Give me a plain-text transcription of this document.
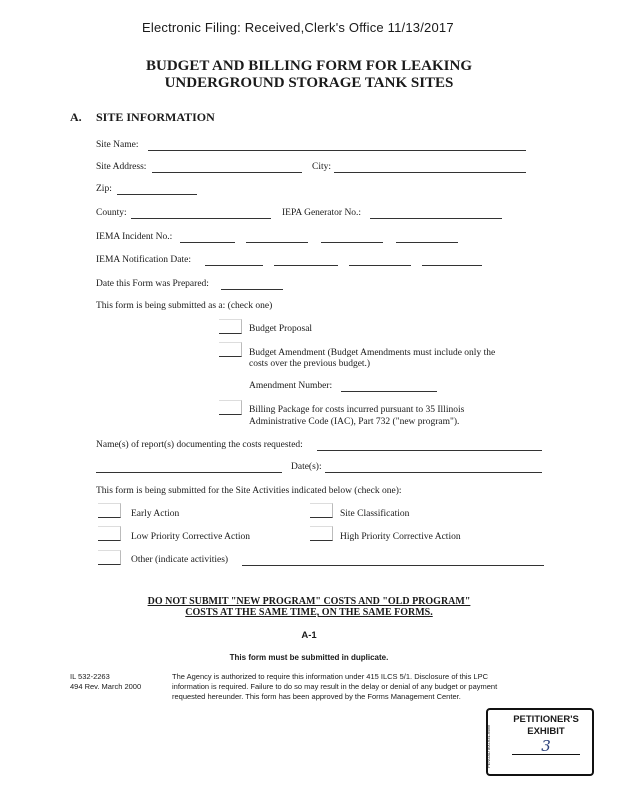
Electronic Filing: Received,Clerk's Office 11/13/2017
BUDGET AND BILLING FORM FOR LEAKING
UNDERGROUND STORAGE TANK SITES
A. SITE INFORMATION
Site Name:
Site Address:	City:
Zip:
County:	IEPA Generator No.:
IEMA Incident No.:
IEMA Notification Date:
Date this Form was Prepared:
This form is being submitted as a: (check one)
Budget Proposal
Budget Amendment (Budget Amendments must include only the
costs over the previous budget.)
Amendment Number:
Billing Package for costs incurred pursuant to 35 Illinois
Administrative Code (IAC), Part 732 ("new program").
Name(s) of report(s) documenting the costs requested:
Date(s):
This form is being submitted for the Site Activities indicated below (check one):
Early Action	Site Classification
Low Priority Corrective Action	High Priority Corrective Action
Other (indicate activities)
DO NOT SUBMIT "NEW PROGRAM" COSTS AND "OLD PROGRAM"
COSTS AT THE SAME TIME, ON THE SAME FORMS.
A-1
This form must be submitted in duplicate.
IL 532-2263
494 Rev. March 2000
The Agency is authorized to require this information under 415 ILCS 5/1. Disclosure of this LPC
information is required. Failure to do so may result in the delay or denial of any budget or payment
requested hereunder. This form has been approved by the Forms Management Center.
PENGAD 800-631-6989
PETITIONER'S
EXHIBIT
3
